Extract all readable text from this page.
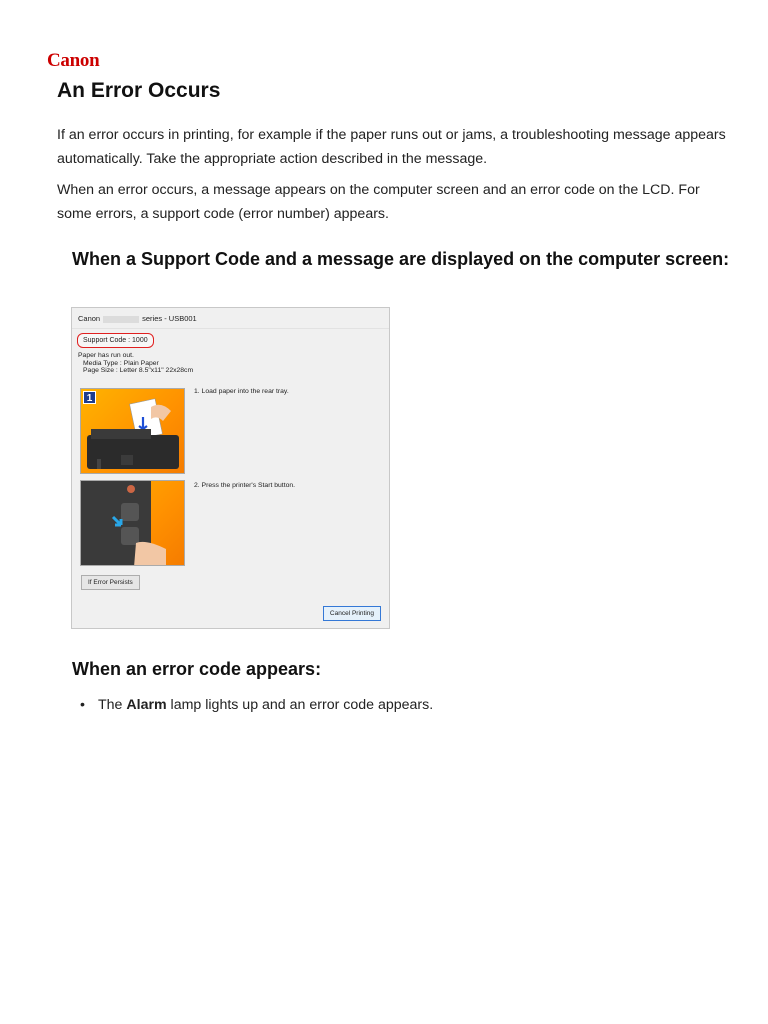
Canon
An Error Occurs

If an error occurs in printing, for example if the paper runs out or jams, a troubleshooting message appears automatically. Take the appropriate action described in the message.

When an error occurs, a message appears on the computer screen and an error code on the LCD. For some errors, a support code (error number) appears.

When a Support Code and a message are displayed on the computer screen:
Canon	series - USB001
Support Code : 1000
Paper has run out.
Media Type : Plain Paper
Page Size : Letter 8.5"x11" 22x28cm
1
1. Load paper into the rear tray.
2. Press the printer's Start button.
If Error Persists
Cancel Printing
When an error code appears:
• The Alarm lamp lights up and an error code appears.
